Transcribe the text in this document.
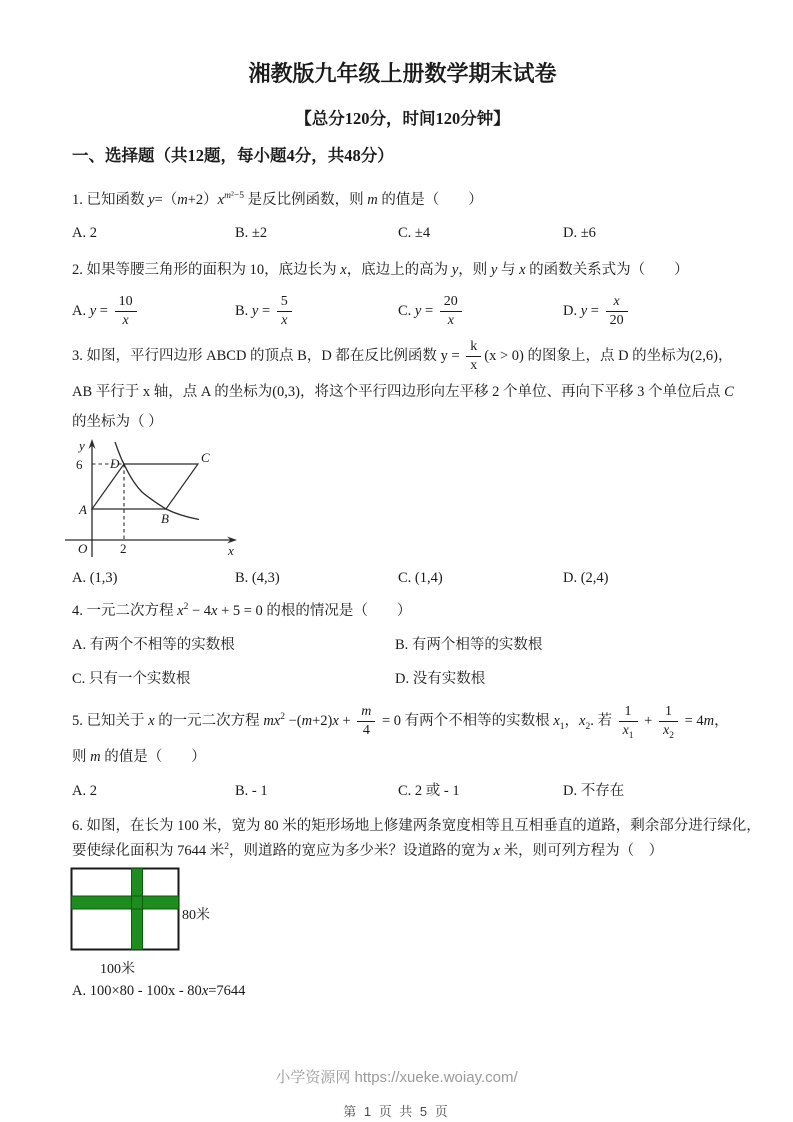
湘教版九年级上册数学期末试卷
【总分120分，时间120分钟】
一、选择题（共12题，每小题4分，共48分）
1. 已知函数 $y=(m+2)x^{m^2-5}$ 是反比例函数，则 m 的值是（　　）
A. 2	B. ±2	C. ±4	D. ±6
2. 如果等腰三角形的面积为 10，底边长为 x，底边上的高为 y，则 y 与 x 的函数关系式为（　　）
A. $y = \frac{10}{x}$	B. $y = \frac{5}{x}$	C. $y = \frac{20}{x}$	D. $y = \frac{x}{20}$
3. 如图，平行四边形 ABCD 的顶点 B，D 都在反比例函数 $y = \frac{k}{x} (x > 0)$ 的图象上，点 D 的坐标为(2,6)，
AB 平行于 x 轴，点 A 的坐标为(0,3)，将这个平行四边形向左平移 2 个单位、再向下平移 3 个单位后点 C
的坐标为（ ）
y
x
O
6
2
A
B
C
D
A. (1,3)	B. (4,3)	C. (1,4)	D. (2,4)
4. 一元二次方程 $x^2 - 4x + 5 = 0$ 的根的情况是（　　）
A. 有两个不相等的实数根	B. 有两个相等的实数根
C. 只有一个实数根	D. 没有实数根
5. 已知关于 x 的一元二次方程 $mx^2 -(m+2)x + \frac{m}{4} = 0$ 有两个不相等的实数根 $x_1$，$x_2$. 若 $\frac{1}{x_1} + \frac{1}{x_2} = 4m$，
则 m 的值是（　　）
A. 2	B. - 1	C. 2 或 - 1	D. 不存在
6. 如图，在长为 100 米，宽为 80 米的矩形场地上修建两条宽度相等且互相垂直的道路，剩余部分进行绿化，
要使绿化面积为 7644 米$^2$，则道路的宽应为多少米？设道路的宽为 x 米，则可列方程为（　）
80米
100米
A. 100×80 - 100x - 80x=7644
小学资源网 https://xueke.woiay.com/
第 1 页 共 5 页
